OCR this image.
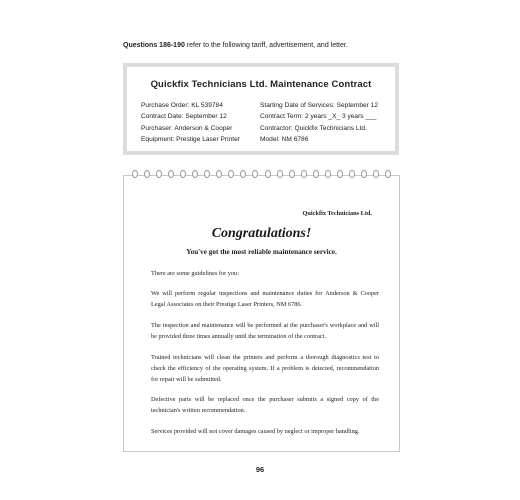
Questions 186-190 refer to the following tariff, advertisement, and letter.
Quickfix Technicians Ltd. Maintenance Contract
Purchase Order: KL 539784
Contract Date: September 12
Purchaser: Anderson & Cooper
Equipment: Prestige Laser Printer
Starting Date of Services: September 12
Contract Term: 2 years _X_ 3 years ___
Contractor: Quickfix Technicians Ltd.
Model: NM 6786
Quickfix Technicians Ltd.
Congratulations!
You've got the most reliable maintenance service.
There are some guidelines for you:
We will perform regular inspections and maintenance duties for Anderson & Cooper Legal Associates on their Prestige Laser Printers, NM 6786.
The inspection and maintenance will be performed at the purchaser's workplace and will be provided three times annually until the termination of the contract.
Trained technicians will clean the printers and perform a thorough diagnostics test to check the efficiency of the operating system. If a problem is detected, recommendation for repair will be submitted.
Defective parts will be replaced once the purchaser submits a signed copy of the technician's written recommendation.
Services provided will not cover damages caused by neglect or improper handling.
96
